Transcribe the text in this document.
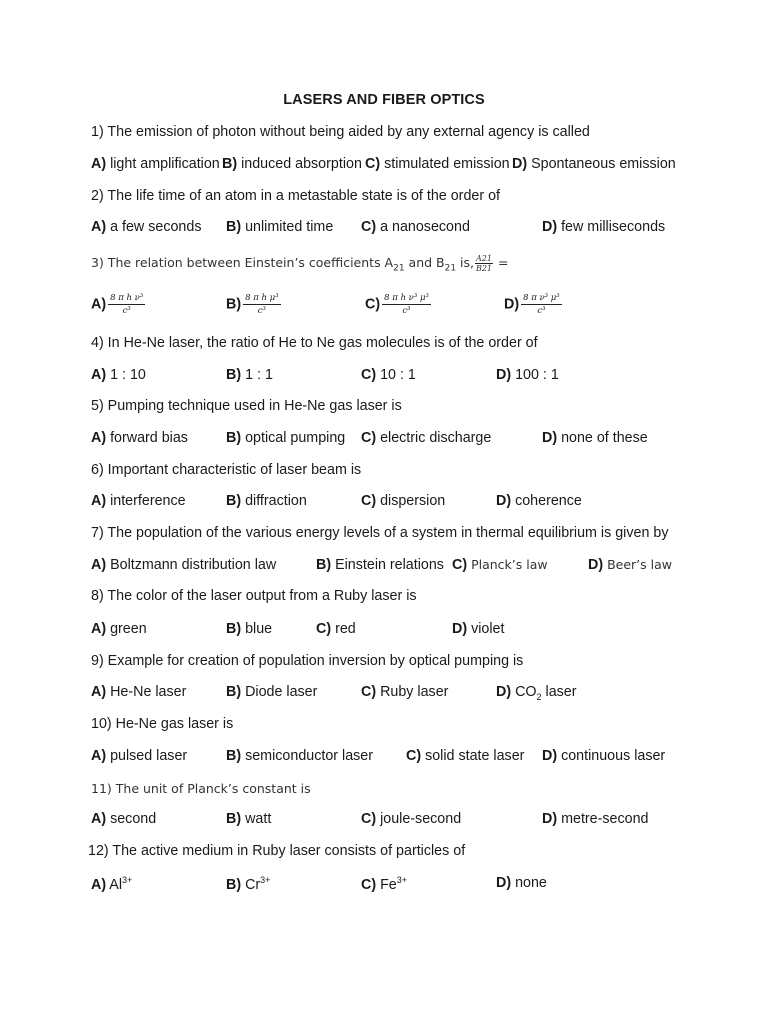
LASERS AND FIBER OPTICS
1) The emission of photon without being aided by any external agency is called
A) light amplification B) induced absorption C) stimulated emission D) Spontaneous emission
2) The life time of an atom in a metastable state is of the order of
A) a few seconds B) unlimited time C) a nanosecond	D) few milliseconds
3) The relation between Einstein’s coefficients $A_{21}$ and $B_{21}$ is, $\frac{A21}{B21}$ =
$A) \frac{\text{8 π h ν³}}{\text{c³}}$	$B) \frac{\text{8 π h μ³}}{\text{c³}}$	$C) \frac{\text{8 π h ν³ μ³}}{\text{c³}}$	$D) \frac{\text{8 π ν³ μ³}}{\text{c³}}$
4) In He-Ne laser, the ratio of He to Ne gas molecules is of the order of
A) 1 : 10	B) 1 : 1	C) 10 : 1	D) 100 : 1
5) Pumping technique used in He-Ne gas laser is
A) forward bias	B) optical pumping C) electric discharge	D) none of these
6) Important characteristic of laser beam is
A) interference	B) diffraction	C) dispersion	D) coherence
7) The population of the various energy levels of a system in thermal equilibrium is given by
A) Boltzmann distribution law	B) Einstein relations C) Planck’s law	D) Beer’s law
8) The color of the laser output from a Ruby laser is
A) green	B) blue	C) red	D) violet
9) Example for creation of population inversion by optical pumping is
A) He-Ne laser	B) Diode laser	C) Ruby laser	D) $CO_2$ laser
10) He-Ne gas laser is
A) pulsed laser	B) semiconductor laser C) solid state laser D) continuous laser
11) The unit of Planck’s constant is
A) second	B) watt	C) joule-second	D) metre-second
12) The active medium in Ruby laser consists of particles of
A) $Al^{3+}$	B) $Cr^{3+}$	C) $Fe^{3+}$	D) none
